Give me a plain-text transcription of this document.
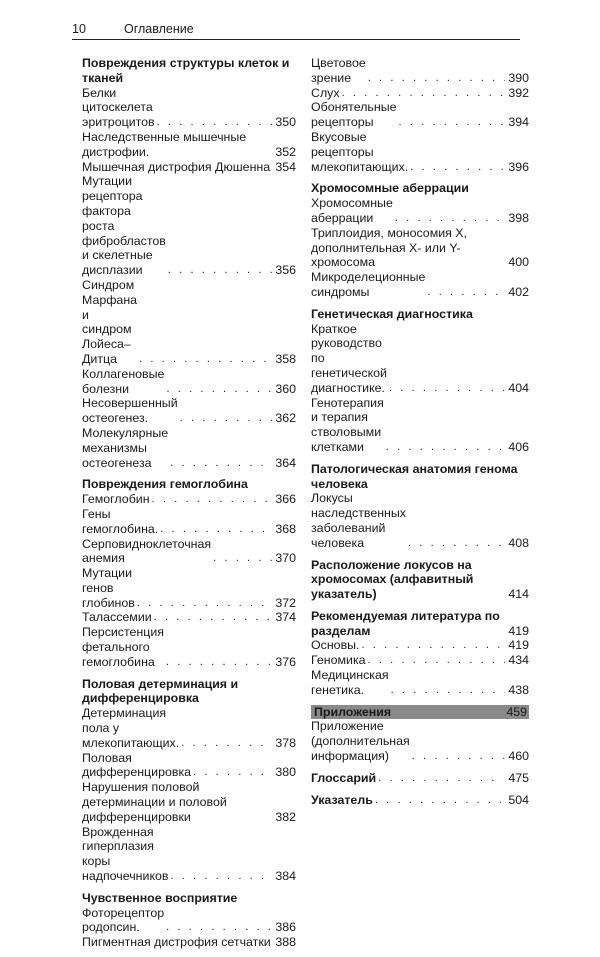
10	Оглавление
Повреждения структуры клеток и тканей
Белки цитоскелета эритроцитов . . .	350
Наследственные мышечные дистрофии.	352
Мышечная дистрофия Дюшенна 354
Мутации рецептора фактора роста фибробластов и скелетные дисплазии . . .	356
Синдром Марфана и синдром Лойеса–Дитца . . .	358
Коллагеновые болезни . . .	360
Несовершенный остеогенез. . . .	362
Молекулярные механизмы остеогенеза . . .	364
Повреждения гемоглобина
Гемоглобин . . .	366
Гены гемоглобина. . . .	368
Серповидноклеточная анемия . . .	370
Мутации генов глобинов . . .	372
Талассемии . . .	374
Персистенция фетального гемоглобина . . .	376
Половая детерминация и дифференцировка
Детерминация пола у млекопитающих. . . .	378
Половая дифференцировка . . .	380
Нарушения половой детерминации и половой дифференцировки	382
Врожденная гиперплазия коры надпочечников . . .	384
Чувственное восприятие
Фоторецептор родопсин. . . .	386
Пигментная дистрофия сетчатки 388
Цветовое зрение . . .	390
Слух . . .	392
Обонятельные рецепторы . . .	394
Вкусовые рецепторы млекопитающих. . . .	396
Хромосомные аберрации
Хромосомные аберрации . . .	398
Триплоидия, моносомия X, дополнительная X- или Y-хромосома	400
Микроделеционные синдромы . . .	402
Генетическая диагностика
Краткое руководство по генетической диагностике. . . .	404
Генотерапия и терапия стволовыми клетками . . .	406
Патологическая анатомия генома человека
Локусы наследственных заболеваний человека . . .	408
Расположение локусов на хромосомах (алфавитный указатель)	414
Рекомендуемая литература по разделам	419
Основы. . . .	419
Геномика . . .	434
Медицинская генетика. . . .	438
Приложения	459
Приложение (дополнительная информация) . . .	460
Глоссарий . . .	475
Указатель . . .	504
